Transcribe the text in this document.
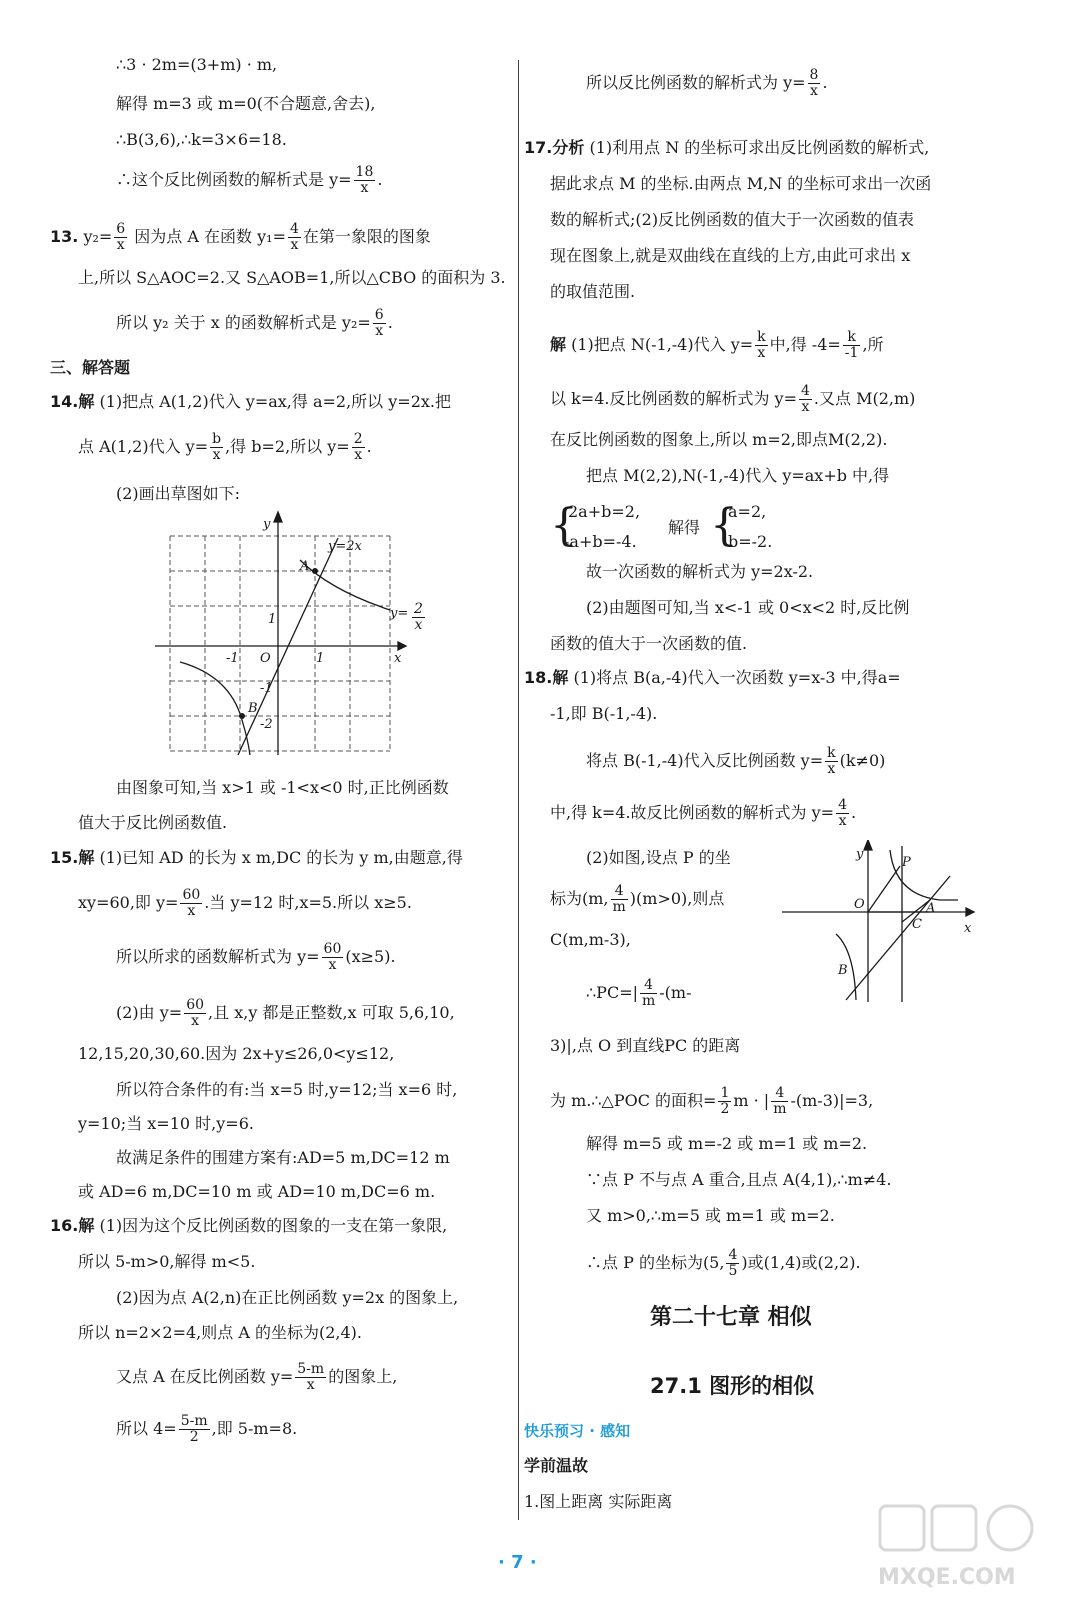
∴3 · 2m=(3+m) · m,
解得 m=3 或 m=0(不合题意,舍去),
∴B(3,6),∴k=3×6=18.
∴这个反比例函数的解析式是 $y= \frac{18}{x}$ .
13. $y_2= \frac{6}{x}$ 因为点 A 在函数 $y_1= \frac{4}{x}$ 在第一象限的图象
上,所以 S△AOC=2.又 S△AOB=1,所以△CBO 的面积为 3.
所以 y₂ 关于 x 的函数解析式是 $y_2= \frac{6}{x}$ .
三、解答题
14.解 (1)把点 A(1,2)代入 y=ax,得 a=2,所以 y=2x.把
点 A(1,2)代入 $y= \frac{b}{x}$ ,得 b=2,所以 $y= \frac{2}{x}$ .
(2)画出草图如下:
由图象可知,当 x>1 或 -1<x<0 时,正比例函数
值大于反比例函数值.
15.解 (1)已知 AD 的长为 x m,DC 的长为 y m,由题意,得
xy=60,即 $y= \frac{60}{x}$ .当 y=12 时,x=5.所以 x≥5.
所以所求的函数解析式为 $y= \frac{60}{x} (x\ge 5)$.
(2)由 $y= \frac{60}{x}$ ,且 x,y 都是正整数,x 可取 5,6,10,
12,15,20,30,60.因为 2x+y≤26,0<y≤12,
所以符合条件的有:当 x=5 时,y=12;当 x=6 时,
y=10;当 x=10 时,y=6.
故满足条件的围建方案有:AD=5 m,DC=12 m
或 AD=6 m,DC=10 m 或 AD=10 m,DC=6 m.
16.解 (1)因为这个反比例函数的图象的一支在第一象限,
所以 5-m>0,解得 m<5.
(2)因为点 A(2,n)在正比例函数 y=2x 的图象上,
所以 n=2×2=4,则点 A 的坐标为(2,4).
又点 A 在反比例函数 $y= \frac{5-m}{x}$ 的图象上,
所以 $4= \frac{5-m}{2}$ ,即 5-m=8.
y
x
O	1
-1
1
-1
-2
y=2x
A
B
$y= \frac{2}{x}$
所以反比例函数的解析式为 $y= \frac{8}{x}$ .
17.分析 (1)利用点 N 的坐标可求出反比例函数的解析式,
据此求点 M 的坐标.由两点 M,N 的坐标可求出一次函
数的解析式;(2)反比例函数的值大于一次函数的值表
现在图象上,就是双曲线在直线的上方,由此可求出 x
的取值范围.
解 (1)把点 N(-1,-4)代入 $y= \frac{k}{x}$ 中,得 $-4= \frac{k}{-1}$ ,所
以 k=4.反比例函数的解析式为 $y= \frac{4}{x}$ .又点 M(2,m)
在反比例函数的图象上,所以 m=2,即点M(2,2).
把点 M(2,2),N(-1,-4)代入 y=ax+b 中,得
{
2a+b=2,
-a+b=-4.
解得 {
a=2,
b=-2.
故一次函数的解析式为 y=2x-2.
(2)由题图可知,当 x<-1 或 0<x<2 时,反比例
函数的值大于一次函数的值.
18.解 (1)将点 B(a,-4)代入一次函数 y=x-3 中,得a=
-1,即 B(-1,-4).
将点 B(-1,-4)代入反比例函数 $y= \frac{k}{x} (k\ne 0)$
中,得 k=4.故反比例函数的解析式为 $y= \frac{4}{x}$ .
(2)如图,设点 P 的坐
标为(m, $\frac{4}{m} )(m>0)$,则点
C(m,m-3),
∴PC=| $\frac{4}{m} -(m-$
3)|,点 O 到直线PC 的距离
为 m.∴△POC 的面积= $\frac{1}{2}$ m · | $\frac{4}{m} -(m-3)|=3$,
解得 m=5 或 m=-2 或 m=1 或 m=2.
∵点 P 不与点 A 重合,且点 A(4,1),∴m≠4.
又 m>0,∴m=5 或 m=1 或 m=2.
∴点 P 的坐标为(5, $\frac{4}{5}$ )或(1,4)或(2,2).
第二十七章 相似
27.1 图形的相似
快乐预习 · 感知
学前温故
1.图上距离 实际距离
y
x
O
P
A
C
B
· 7 ·
MXQE.COM
